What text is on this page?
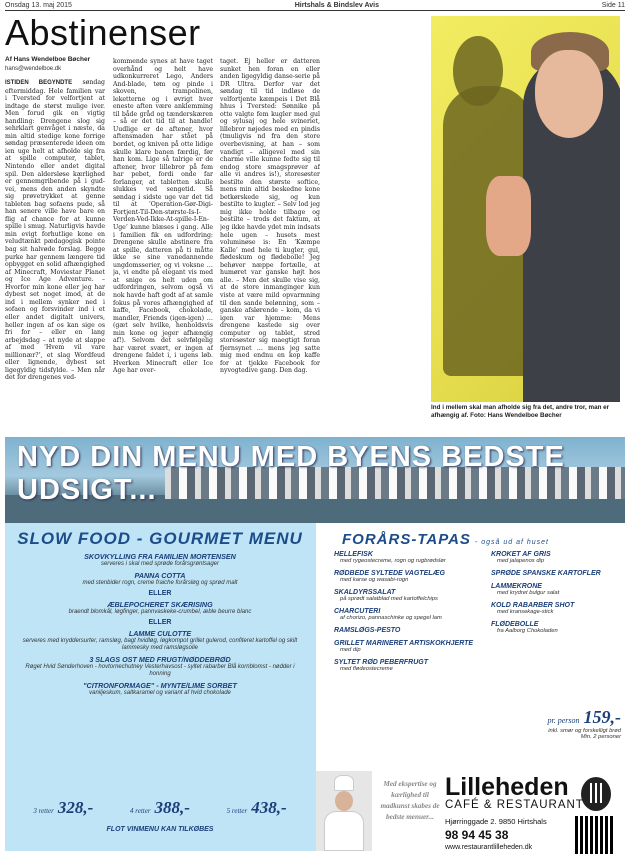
Onsdag 13. maj 2015	Hirtshals & Bindslev Avis	Side 11
Abstinenser
Af Hans Wendelboe Bøcher
hans@wendelboe.dk

ISTIDEN BEGYNDTE søndag eftermiddag. Hele familien var i Tversted for velfortjent at indtage de størst mulige iver. Men forud gik en vigtig handling: Drengene slog sig sehrklart genvåget i næste, da min altid stedige kone forrige søndag præsenterede ideen om ien uge helt at afholde sig fra at spille computer, tablet, Nintendo eller andet digital spil. Den aldersløse kærlighed er gennemgribende på i gud-vei, mens den anden skyndte sig prøvetrykket at genne tableten bag sofaens pude, så han senere ville have bare en flig af chance for at kunne spille i smug. Naturligvis havde min evigt forhutlige kone en veludtænkt pædagogisk pointe bag sit halvøde forslag. Begge purke har gennem længere tid opbygget en solid afhængighed af Minecraft, Moviestar Planet og Ice Age Adventure. – Hvorfor min kone eller jeg har dybest set noget imod, at de ind i mellem synker ned i sofaen og forsvinder ind i et eller andet digitalt univers, heller ingen af os kan sige os fri for – eller en lang arbejdsdag – at nyde at slappe af med ‘Hvem vil vare millionær?’, et slag Wordfeud eller lignende, dybest set ligegyldig tidsfylde. – Men når det for drengenes ved-

kommende synes at have taget overhånd og helt have udkonkurreret Lego, Anders And-blade, tøm og pinde i skoven, trampolinen, leketterne og i øvrigt hver eneste aften være anklemming til både gråd og tænderskæren – så er det tid til at handle! Uudlige er de aftener, hvor aftensmaden har stået på bordet, og kniven på otte lidige skulle klare banen færdig, før han kom. Lige så talrige er de aftener, hvor lillebror på fem har pebet, fordi onde far forlanger, at tabletten skulle slukkes ved sengetid. Så søndag i sidste uge var det tid til at ‘Operation-Gør-Digi-Fortjent-Til-Den-største-Is-I-Verden-Ved-Ikke-At-spille-I-En-Uge’ kunne blæses i gang. Alle i familien fik en udfordring: Drengene skulle abstinere fra at spille, datteren på ti måtte ikke se sine vanedannende ungdomsserier, og vi voksne … ja, vi endte på elegant vis med at snige os helt uden om udfordringen, selvom også vi nok havde haft godt af at samle fokus på vores afhængighed af kaffe, Facebook, chokolade, mandler, Friends (igen-igen) … (gæt selv hvilke, henholdsvis min kone og jeger afhængig af!). Selvom det selvfølgelig har været svært, er ingen af drengene faldet i, i ugens løb. Hverken Minecraft eller Ice Age har over-

taget. Ej heller er datteren sunket hen foran en eller anden ligegyldig danse-serie på DR Ultra. Derfor var det søndag til tid indløse de velfortjente kæmpeis i Det Blå hhus i Tversted: Sønnike på otte valgte fem kugler med gul og sylusaj og hele svineriet, lillebror nøjedes med en pindis (tmuligvis nd fra den store overbevisning, at han – som vandigt – alligevel med sin charme ville kunne fedte sig til endog store smagsprøver af alle vi andres is!), storesøster bestilte den største softice, mens min altid beskedne kone betkørskede sig, og kun bestilte to kugler. – Selv lod jeg mig ikke holde tilbage og bestilte – trods det faktum, at jeg ikke havde ydet min indsats hele ugen – husets mest voluminøse is: En ‘Kæmpe Kalle’ med hele ti kugler, gul, flødeskum og flødebolle! Jeg behøver næppe fortælle, at humøret var ganske højt hos alle. – Men det skulle vise sig, at de store inmanginger kun viste at være mild opvarmning til den sande belønning, som – ganske afslørende – kom, da vi igen var hjemme: Mens drengene kastede sig over computer og tablet, stred storesøster sig maegtigt foran fjernsynet … mens jeg satte mig med endnu en kop kaffe for at tjekke Facebook for nyvogtedive gang. Den dag.

Ind i mellem skal man afholde sig fra det, andre tror, man er afhængig af. Foto: Hans Wendelboe Bøcher
NYD DIN MENU MED BYENS BEDSTE UDSIGT...
SLOW FOOD - GOURMET MENU
SKOVKYLLING FRA FAMILIEN MORTENSEN
serveres i skal med sprøde forårsgrøntsager
PANNA COTTA
med stenbider rogn, creme fraiche forårsløg og sprød malt
ELLER
ÆBLEPOCHERET SKÆRISING
braendt blomkål, løgfinger, pannvaskeke-crumbel, æble beurre blanc
ELLER
LAMME CULOTTE
serveres med kryddersurter, ramsløg, bagt hvidløg, løgkompot grillet gulerod, confiteret kartoffel og skilt lammesky med ramsløgsolie
3 SLAGS OST MED FRUGT/NØDDEBRØD
Røget Hvid Sønderhoven - hovtornechutney Vesterhavsost - syltet rabarber Blå kornblomst - nødder i honning
"CITRONFORMAGE" - MYNTE/LIME SORBET
vaniljeskum, saltkaramel og variant af hvid chokolade
3 retter 328,-	4 retter 388,-	5 retter 438,-
FLOT VINMENU KAN TILKØBES
FORÅRS-TAPAS - også ud af huset
HELLEFISK
med rygeostecreme, rogn og rugbrødslør
RØDBEDE SYLTEDE VAGTELÆG
med karse og wasabi-rogn
SKALDYRSSALAT
på sprødt salatblad med kartoffelchips
CHARCUTERI
af chorizo, pannaschinke og spegel lam
RAMSLØGS-PESTO
GRILLET MARINERET ARTISKOKHJERTE
med dip
SYLTET RØD PEBERFRUGT
med flødeostecreme
KROKET AF GRIS
med jalapenos dip
SPRØDE SPANSKE KARTOFLER
LAMMEKRONE
med krydret bulgur salat
KOLD RABARBER SHOT
med kransekage-stick
FLØDEBOLLE
fra Aalborg Chokoladen
pr. person 159,-
inkl. smør og forskelligt brød
Min. 2 personer
Med ekspertise og kærlighed til madkunst skabes de bedste menuer...
Lilleheden
CAFÉ & RESTAURANT
Hjørringgade 2. 9850 Hirtshals
98 94 45 38
www.restaurantlilleheden.dk
